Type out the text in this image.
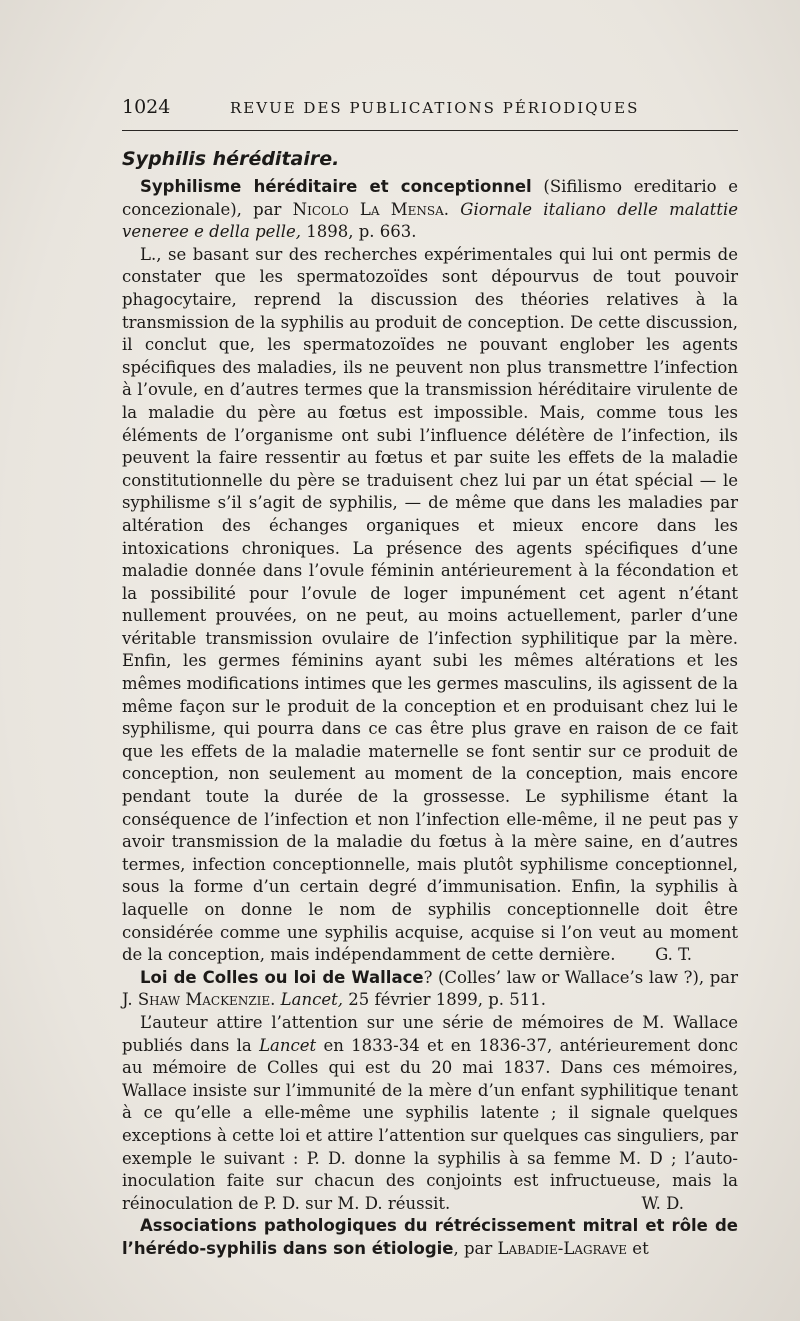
1024	REVUE DES PUBLICATIONS PÉRIODIQUES
Syphilis héréditaire.

Syphilisme héréditaire et conceptionnel (Sifilismo ereditario e concezionale), par Nicolo La Mensa. Giornale italiano delle malattie veneree e della pelle, 1898, p. 663.

L., se basant sur des recherches expérimentales qui lui ont permis de constater que les spermatozoïdes sont dépourvus de tout pouvoir phagocytaire, reprend la discussion des théories relatives à la transmission de la syphilis au produit de conception. De cette discussion, il conclut que, les spermatozoïdes ne pouvant englober les agents spécifiques des maladies, ils ne peuvent non plus transmettre l’infection à l’ovule, en d’autres termes que la transmission héréditaire virulente de la maladie du père au fœtus est impossible. Mais, comme tous les éléments de l’organisme ont subi l’influence délétère de l’infection, ils peuvent la faire ressentir au fœtus et par suite les effets de la maladie constitutionnelle du père se traduisent chez lui par un état spécial — le syphilisme s’il s’agit de syphilis, — de même que dans les maladies par altération des échanges organiques et mieux encore dans les intoxications chroniques. La présence des agents spécifiques d’une maladie donnée dans l’ovule féminin antérieurement à la fécondation et la possibilité pour l’ovule de loger impunément cet agent n’étant nullement prouvées, on ne peut, au moins actuellement, parler d’une véritable transmission ovulaire de l’infection syphilitique par la mère. Enfin, les germes féminins ayant subi les mêmes altérations et les mêmes modifications intimes que les germes masculins, ils agissent de la même façon sur le produit de la conception et en produisant chez lui le syphilisme, qui pourra dans ce cas être plus grave en raison de ce fait que les effets de la maladie maternelle se font sentir sur ce produit de conception, non seulement au moment de la conception, mais encore pendant toute la durée de la grossesse. Le syphilisme étant la conséquence de l’infection et non l’infection elle-même, il ne peut pas y avoir transmission de la maladie du fœtus à la mère saine, en d’autres termes, infection conceptionnelle, mais plutôt syphilisme conceptionnel, sous la forme d’un certain degré d’immunisation. Enfin, la syphilis à laquelle on donne le nom de syphilis conceptionnelle doit être considérée comme une syphilis acquise, acquise si l’on veut au moment de la conception, mais indépendamment de cette dernière.	G. T.

Loi de Colles ou loi de Wallace? (Colles’ law or Wallace’s law ?), par J. Shaw Mackenzie. Lancet, 25 février 1899, p. 511.

L’auteur attire l’attention sur une série de mémoires de M. Wallace publiés dans la Lancet en 1833-34 et en 1836-37, antérieurement donc au mémoire de Colles qui est du 20 mai 1837. Dans ces mémoires, Wallace insiste sur l’immunité de la mère d’un enfant syphilitique tenant à ce qu’elle a elle-même une syphilis latente ; il signale quelques exceptions à cette loi et attire l’attention sur quelques cas singuliers, par exemple le suivant : P. D. donne la syphilis à sa femme M. D ; l’auto-inoculation faite sur chacun des conjoints est infructueuse, mais la réinoculation de P. D. sur M. D. réussit.	W. D.

Associations pathologiques du rétrécissement mitral et rôle de l’hérédo-syphilis dans son étiologie, par Labadie-Lagrave et
